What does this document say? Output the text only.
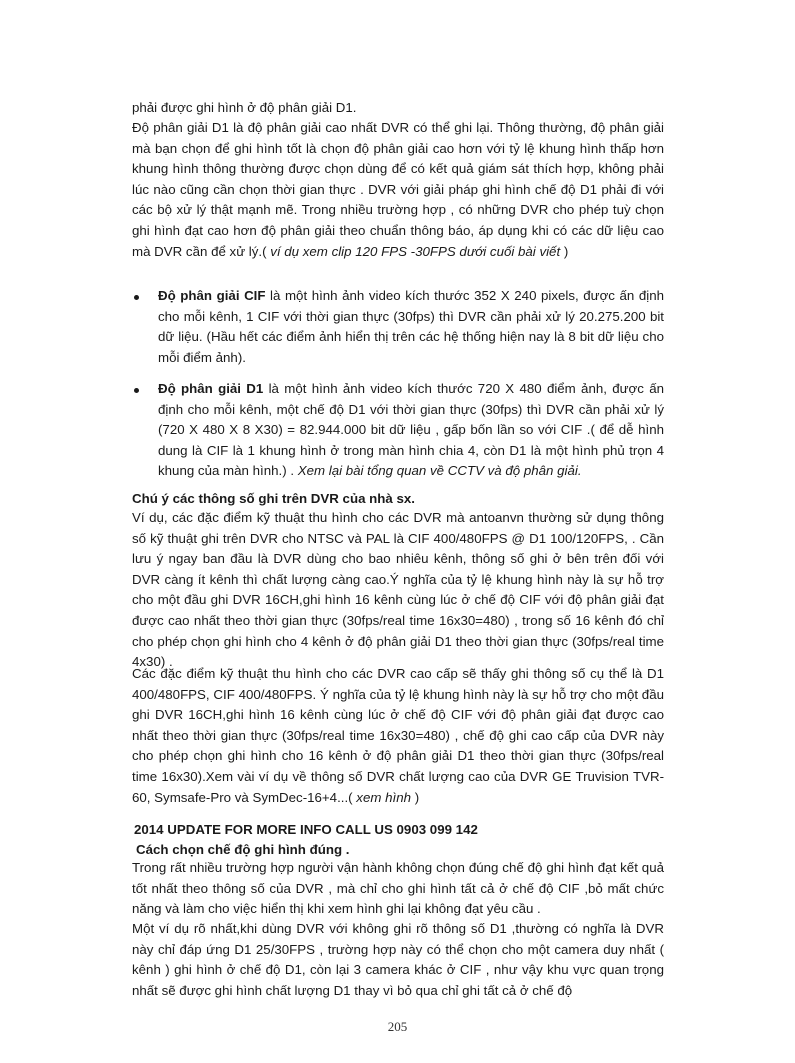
phải được ghi hình ở độ phân giải D1.

Độ phân giải D1 là độ phân giải cao nhất DVR có thể ghi lại. Thông thường, độ phân giải mà bạn chọn để ghi hình tốt là chọn độ phân giải cao hơn với tỷ lệ khung hình thấp hơn khung hình thông thường được chọn dùng để có kết quả giám sát thích hợp, không phải lúc nào cũng cần chọn thời gian thực . DVR với giải pháp ghi hình chế độ D1 phải đi với các bộ xử lý thật mạnh mẽ. Trong nhiều trường hợp , có những DVR cho phép tuỳ chọn ghi hình đạt cao hơn độ phân giải theo chuẩn thông báo, áp dụng khi có các dữ liệu cao mà DVR cần để xử lý.( ví dụ xem clip 120 FPS -30FPS dưới cuối bài viết )

Độ phân giải CIF là một hình ảnh video kích thước 352 X 240 pixels, được ấn định cho mỗi kênh, 1 CIF với thời gian thực (30fps) thì DVR cần phải xử lý 20.275.200 bit dữ liệu. (Hầu hết các điểm ảnh hiển thị trên các hệ thống hiện nay là 8 bit dữ liệu cho mỗi điểm ảnh).

Độ phân giải D1 là một hình ảnh video kích thước 720 X 480 điểm ảnh, được ấn định cho mỗi kênh, một chế độ D1 với thời gian thực (30fps) thì DVR cần phải xử lý (720 X 480 X 8 X30) = 82.944.000 bit dữ liệu , gấp bốn lần so với CIF .( để dễ hình dung là CIF là 1 khung hình ở trong màn hình chia 4, còn D1 là một hình phủ trọn 4 khung của màn hình.) . Xem lại bài tổng quan về CCTV và độ phân giải.

Chú ý các thông số ghi trên DVR của nhà sx.

Ví dụ, các đặc điểm kỹ thuật thu hình cho các DVR mà antoanvn thường sử dụng thông số kỹ thuật ghi trên DVR cho NTSC và PAL là CIF 400/480FPS @ D1 100/120FPS, . Cần lưu ý ngay ban đầu là DVR dùng cho bao nhiêu kênh, thông số ghi ở bên trên đối với DVR càng ít kênh thì chất lượng càng cao.Ý nghĩa của tỷ lệ khung hình này là sự hỗ trợ cho một đầu ghi DVR 16CH,ghi hình 16 kênh cùng lúc ở chế độ CIF với độ phân giải đạt được cao nhất theo thời gian thực (30fps/real time 16x30=480) , trong số 16 kênh đó chỉ cho phép chọn ghi hình cho 4 kênh ở độ phân giải D1 theo thời gian thực (30fps/real time 4x30) .

Các đặc điểm kỹ thuật thu hình cho các DVR cao cấp sẽ thấy ghi thông số cụ thể là D1 400/480FPS, CIF 400/480FPS. Ý nghĩa của tỷ lệ khung hình này là sự hỗ trợ cho một đầu ghi DVR 16CH,ghi hình 16 kênh cùng lúc ở chế độ CIF với độ phân giải đạt được cao nhất theo thời gian thực (30fps/real time 16x30=480) , chế độ ghi cao cấp của DVR này cho phép chọn ghi hình cho 16 kênh ở độ phân giải D1 theo thời gian thực (30fps/real time 16x30).Xem vài ví dụ về thông số DVR chất lượng cao của DVR GE Truvision TVR-60, Symsafe-Pro và SymDec-16+4...( xem hình )

2014 UPDATE FOR MORE INFO CALL US 0903 099 142

Cách chọn chế độ ghi hình đúng .

Trong rất nhiều trường hợp người vận hành không chọn đúng chế độ ghi hình đạt kết quả tốt nhất theo thông số của DVR , mà chỉ cho ghi hình tất cả ở chế độ CIF ,bỏ mất chức năng và làm cho việc hiển thị khi xem hình ghi lại không đạt yêu cầu .

Một ví dụ rõ nhất,khi dùng DVR với không ghi rõ thông số D1 ,thường có nghĩa là DVR này chỉ đáp ứng D1 25/30FPS , trường hợp này có thể chọn cho một camera duy nhất ( kênh ) ghi hình ở chế độ D1, còn lại 3 camera khác ở CIF , như vậy khu vực quan trọng nhất sẽ được ghi hình chất lượng D1 thay vì bỏ qua chỉ ghi tất cả ở chế độ

205
